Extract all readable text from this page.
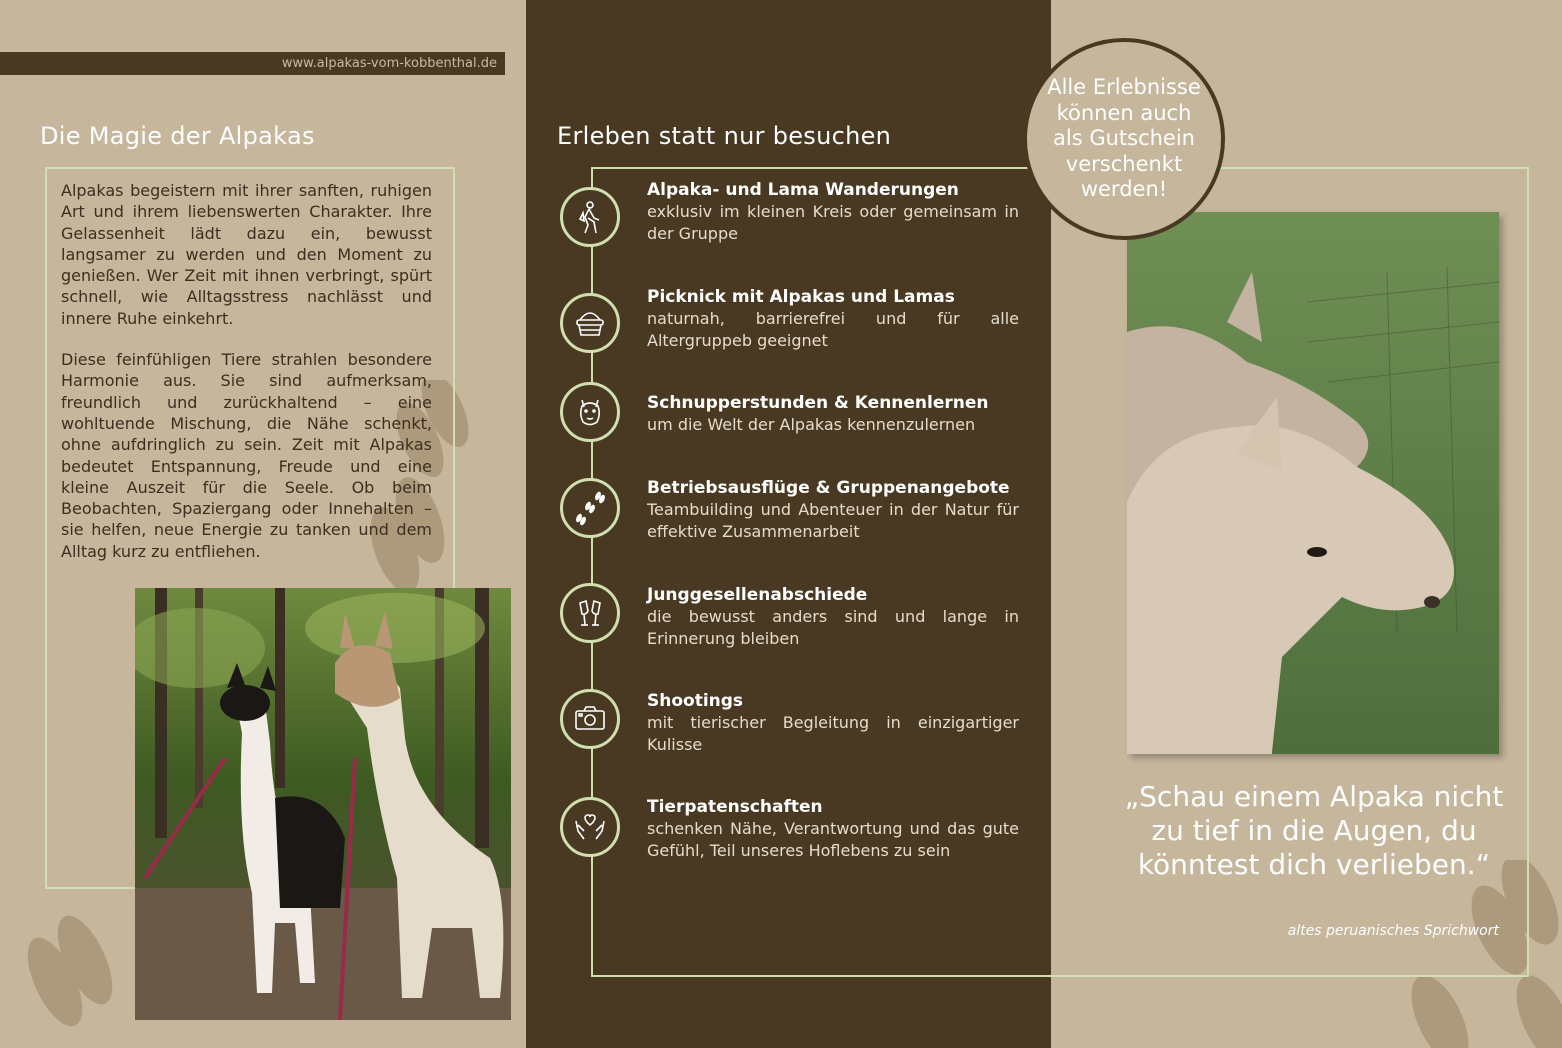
www.alpakas-vom-kobbenthal.de
Die Magie der Alpakas

Alpakas begeistern mit ihrer sanften, ruhigen Art und ihrem liebenswerten Charakter. Ihre Gelassenheit lädt dazu ein, bewusst langsamer zu werden und den Moment zu genießen. Wer Zeit mit ihnen verbringt, spürt schnell, wie Alltagsstress nachlässt und innere Ruhe einkehrt.

Diese feinfühligen Tiere strahlen besondere Harmonie aus. Sie sind aufmerksam, freundlich und zurückhaltend – eine wohltuende Mischung, die Nähe schenkt, ohne aufdringlich zu sein. Zeit mit Alpakas bedeutet Entspannung, Freude und eine kleine Auszeit für die Seele. Ob beim Beobachten, Spaziergang oder Innehalten – sie helfen, neue Energie zu tanken und dem Alltag kurz zu entfliehen.

Erleben statt nur besuchen
Alpaka- und Lama Wanderungen
exklusiv im kleinen Kreis oder gemeinsam in der Gruppe
Picknick mit Alpakas und Lamas
naturnah, barrierefrei und für alle Altergruppeb geeignet
Schnupperstunden & Kennenlernen
um die Welt der Alpakas kennenzulernen
Betriebsausflüge & Gruppenangebote
Teambuilding und Abenteuer in der Natur für effektive Zusammenarbeit
Junggesellenabschiede
die bewusst anders sind und lange in Erinnerung bleiben
Shootings
mit tierischer Begleitung in einzigartiger Kulisse
Tierpatenschaften
schenken Nähe, Verantwortung und das gute Gefühl, Teil unseres Hoflebens zu sein
Alle Erlebnisse können auch als Gutschein verschenkt werden!
„Schau einem Alpaka nicht zu tief in die Augen, du könntest dich verlieben.“
altes peruanisches Sprichwort
